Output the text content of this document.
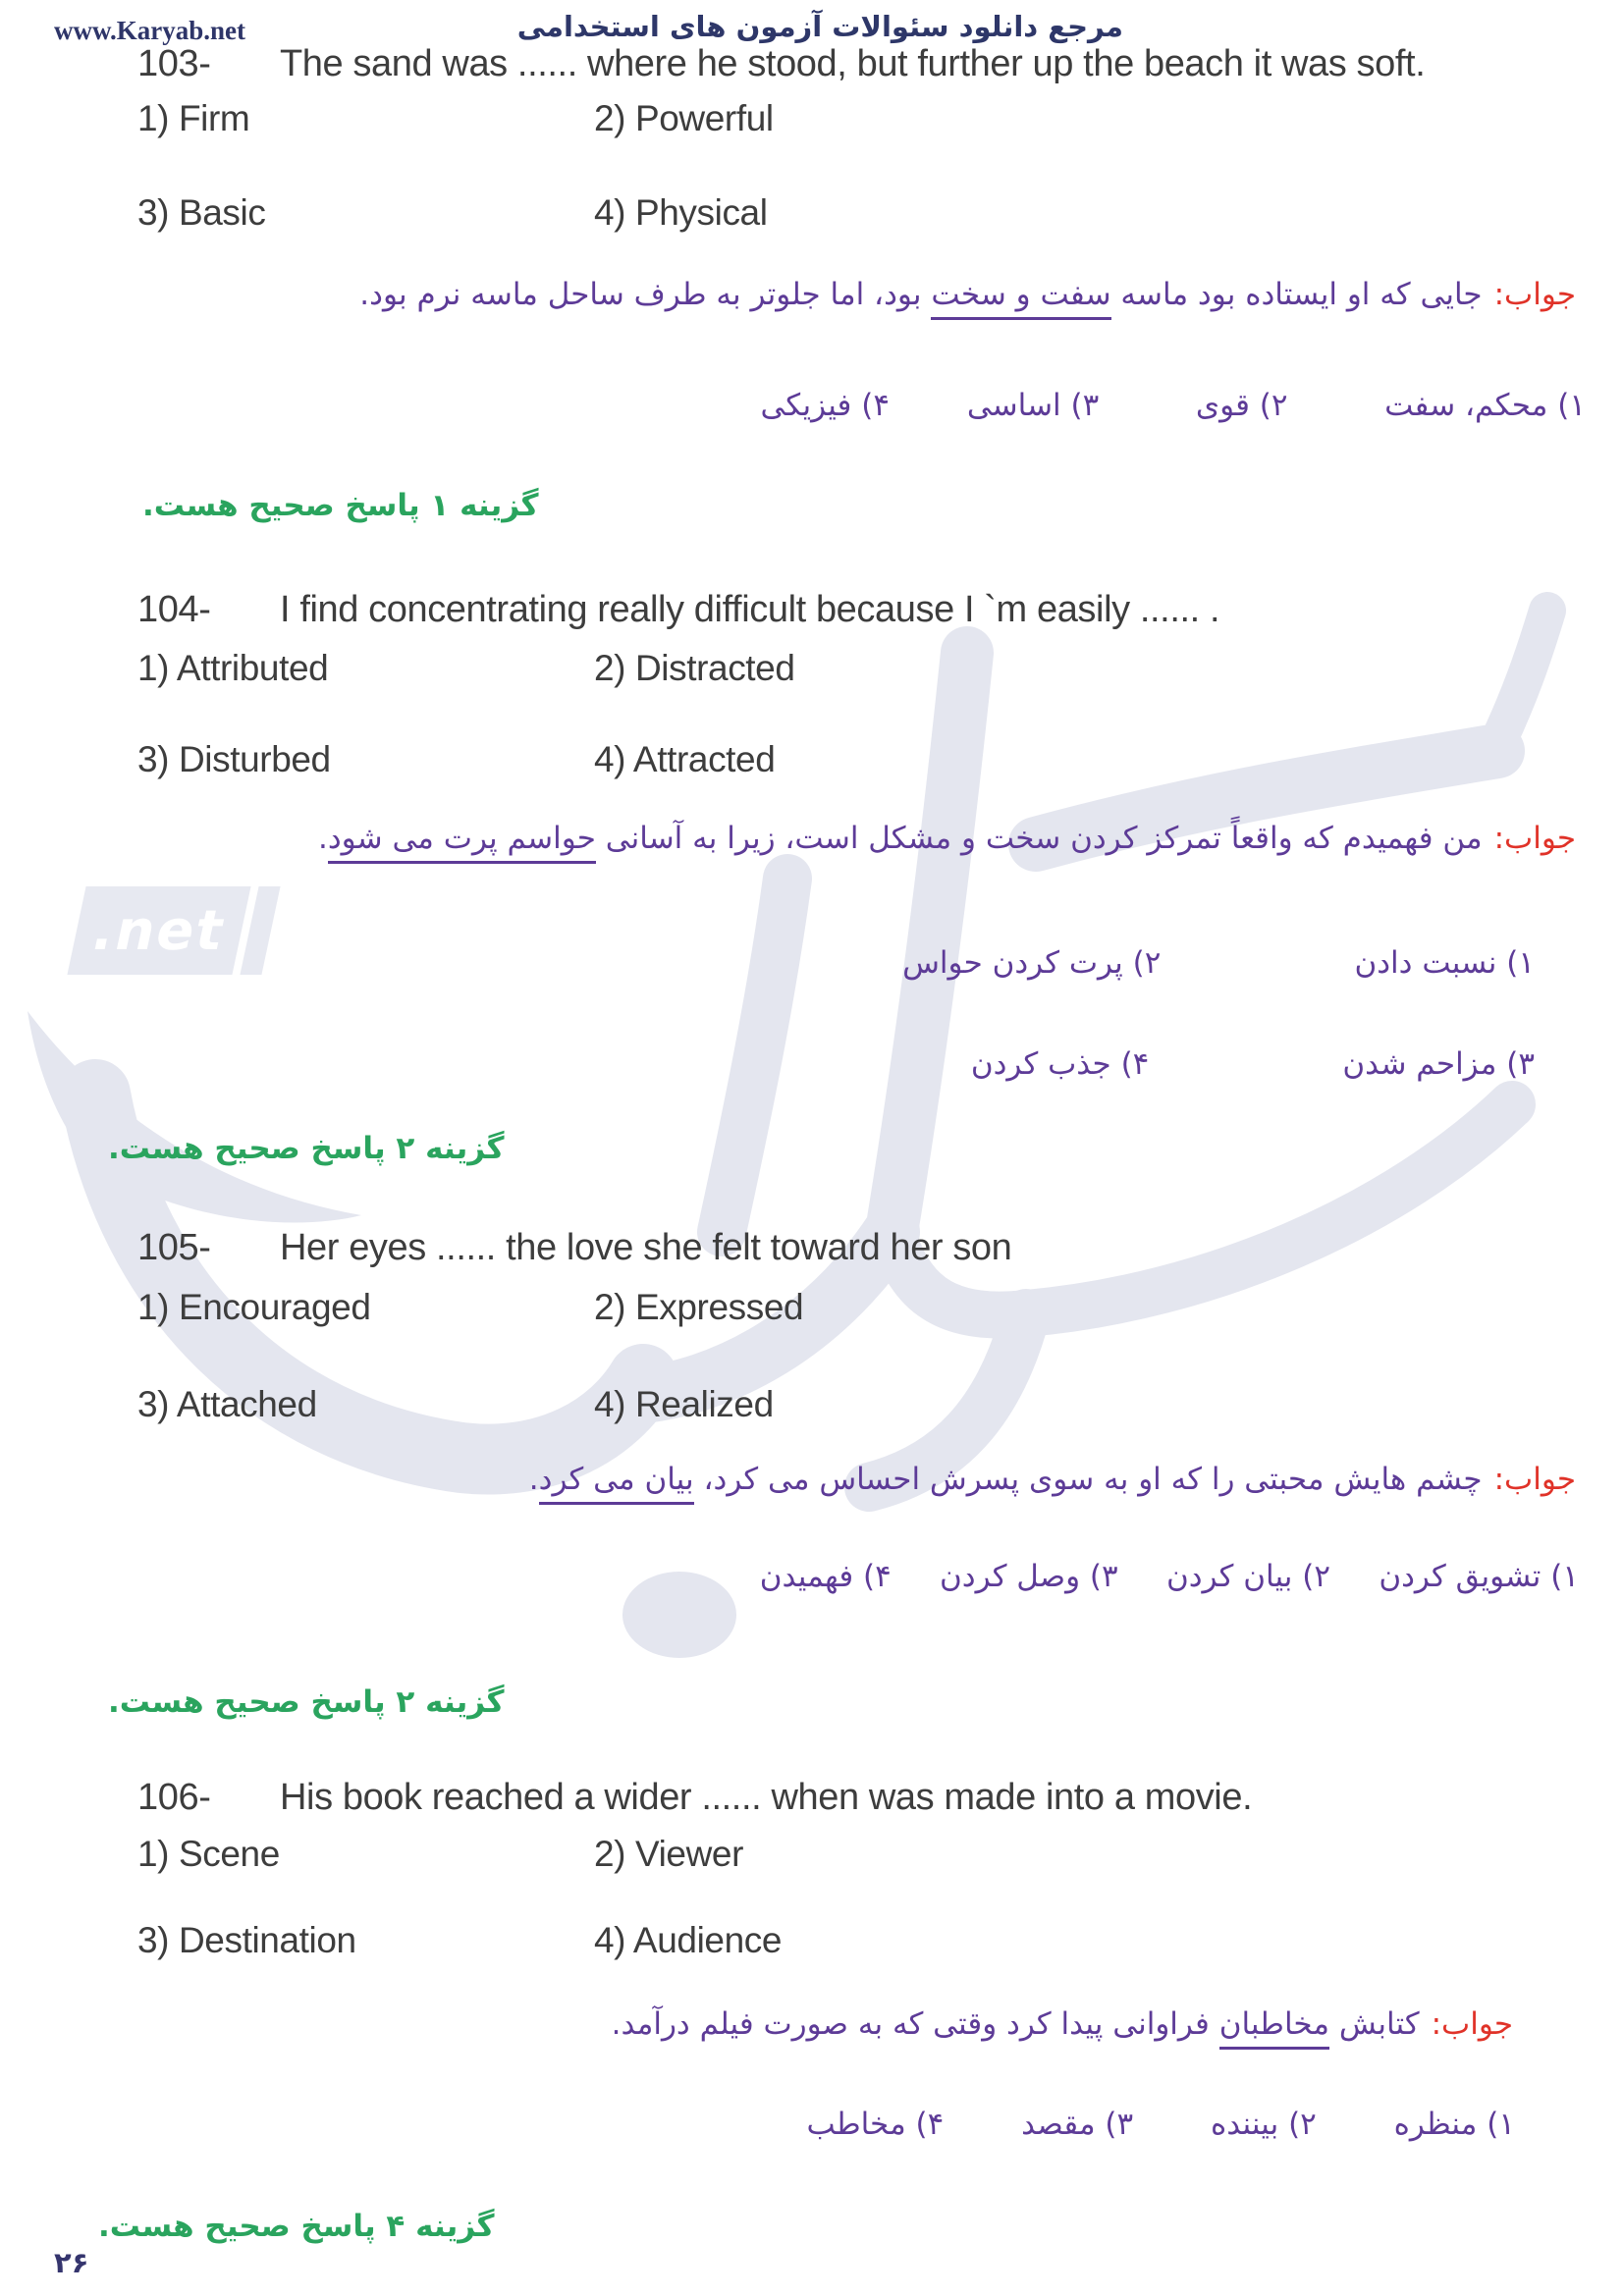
.net
www.Karyab.net	مرجع دانلود سئوالات آزمون های استخدامی
103- The sand was ...... where he stood, but further up the beach it was soft.
1) Firm	2) Powerful
3) Basic	4) Physical
جواب:جایی که او ایستاده بود ماسه سفت و سخت بود، اما جلوتر به طرف ساحل ماسه نرم بود.
۱) محکم، سفت          ۲) قوی          ۳) اساسی        ۴) فیزیکی
گزینه ۱ پاسخ صحیح هست.
104- I find concentrating really difficult because I `m easily ...... .
1) Attributed	2) Distracted
3) Disturbed	4) Attracted
جواب:من فهمیدم که واقعاً تمرکز کردن سخت و مشکل است، زیرا به آسانی حواسم پرت می شود.
۱) نسبت دادن                    ۲) پرت کردن حواس
۳) مزاحم شدن                    ۴) جذب کردن
گزینه ۲ پاسخ صحیح هست.
105- Her eyes ...... the love she felt toward her son
1) Encouraged	2) Expressed
3) Attached	4) Realized
جواب:چشم هایش محبتی را که او به سوی پسرش احساس می کرد، بیان می کرد.
۱) تشویق کردن     ۲) بیان کردن     ۳) وصل کردن     ۴) فهمیدن
گزینه ۲ پاسخ صحیح هست.
106- His book reached a wider ...... when was made into a movie.
1) Scene	2) Viewer
3) Destination	4) Audience
جواب:کتابش مخاطبان فراوانی پیدا کرد وقتی که به صورت فیلم درآمد.
۱) منظره        ۲) بیننده        ۳) مقصد        ۴) مخاطب
گزینه ۴ پاسخ صحیح هست.
۲۶
